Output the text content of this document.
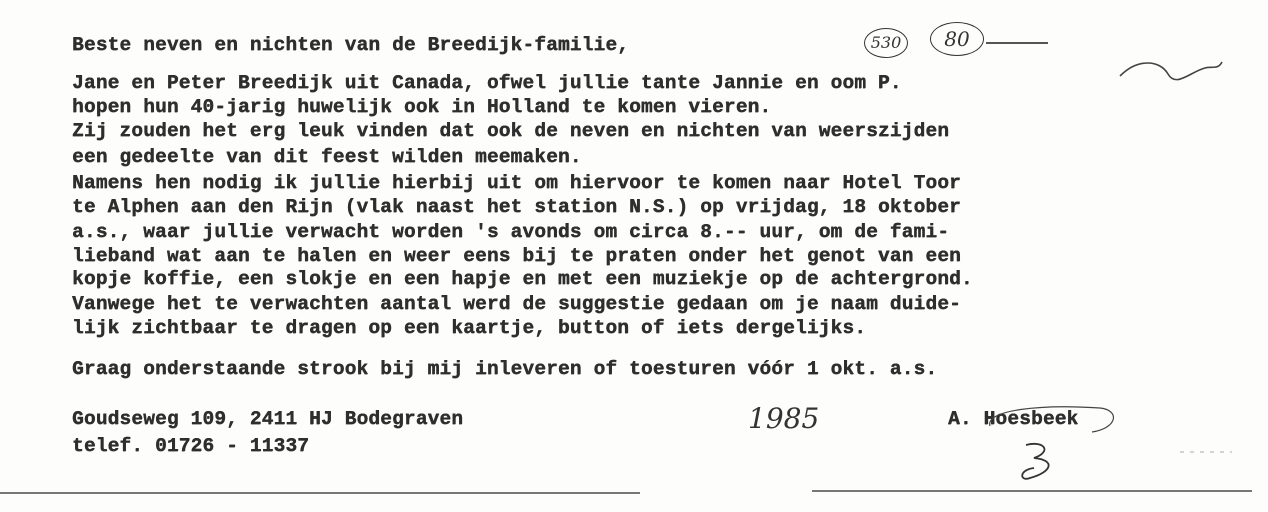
Beste neven en nichten van de Breedijk-familie,
Jane en Peter Breedijk uit Canada, ofwel jullie tante Jannie en oom P.
hopen hun 40-jarig huwelijk ook in Holland te komen vieren.
Zij zouden het erg leuk vinden dat ook de neven en nichten van weerszijden
een gedeelte van dit feest wilden meemaken.
Namens hen nodig ik jullie hierbij uit om hiervoor te komen naar Hotel Toor
te Alphen aan den Rijn (vlak naast het station N.S.) op vrijdag, 18 oktober
a.s., waar jullie verwacht worden 's avonds om circa 8.-- uur, om de fami-
lieband wat aan te halen en weer eens bij te praten onder het genot van een
kopje koffie, een slokje en een hapje en met een muziekje op de achtergrond.
Vanwege het te verwachten aantal werd de suggestie gedaan om je naam duide-
lijk zichtbaar te dragen op een kaartje, button of iets dergelijks.
Graag onderstaande strook bij mij inleveren of toesturen vóór 1 okt. a.s.
Goudseweg 109, 2411 HJ Bodegraven
telef. 01726 - 11337
A. Hoesbeek
530	80
1985
